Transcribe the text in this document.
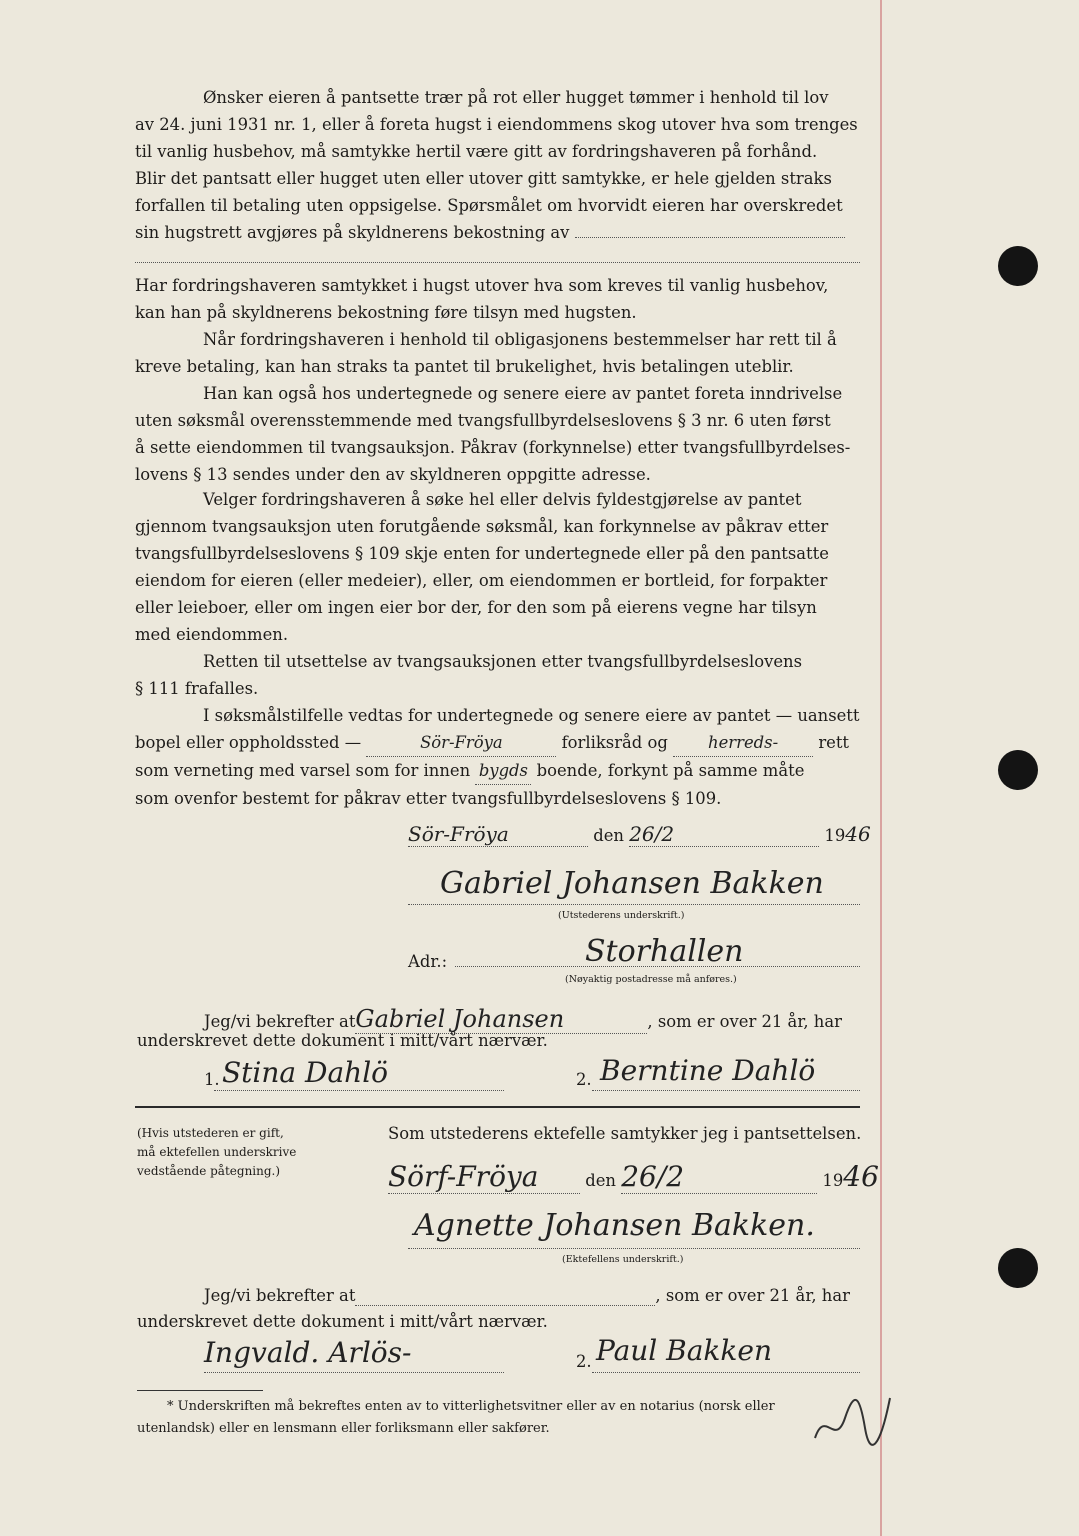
Ønsker eieren å pantsette trær på rot eller hugget tømmer i henhold til lov
av 24. juni 1931 nr. 1, eller å foreta hugst i eiendommens skog utover hva som trenges
til vanlig husbehov, må samtykke hertil være gitt av fordringshaveren på forhånd.
Blir det pantsatt eller hugget uten eller utover gitt samtykke, er hele gjelden straks
forfallen til betaling uten oppsigelse. Spørsmålet om hvorvidt eieren har overskredet
sin hugstrett avgjøres på skyldnerens bekostning av
Har fordringshaveren samtykket i hugst utover hva som kreves til vanlig husbehov,
kan han på skyldnerens bekostning føre tilsyn med hugsten.
Når fordringshaveren i henhold til obligasjonens bestemmelser har rett til å
kreve betaling, kan han straks ta pantet til brukelighet, hvis betalingen uteblir.
Han kan også hos undertegnede og senere eiere av pantet foreta inndrivelse
uten søksmål overensstemmende med tvangsfullbyrdelseslovens § 3 nr. 6 uten først
å sette eiendommen til tvangsauksjon. Påkrav (forkynnelse) etter tvangsfullbyrdelses-
lovens § 13 sendes under den av skyldneren oppgitte adresse.
Velger fordringshaveren å søke hel eller delvis fyldestgjørelse av pantet
gjennom tvangsauksjon uten forutgående søksmål, kan forkynnelse av påkrav etter
tvangsfullbyrdelseslovens § 109 skje enten for undertegnede eller på den pantsatte
eiendom for eieren (eller medeier), eller, om eiendommen er bortleid, for forpakter
eller leieboer, eller om ingen eier bor der, for den som på eierens vegne har tilsyn
med eiendommen.
Retten til utsettelse av tvangsauksjonen etter tvangsfullbyrdelseslovens
§ 111 frafalles.
I søksmålstilfelle vedtas for undertegnede og senere eiere av pantet — uansett
bopel eller oppholdssted —	Sör-Fröya	forliksråd og herreds- rett
som verneting med varsel som for innen bygds boende, forkynt på samme måte
som ovenfor bestemt for påkrav etter tvangsfullbyrdelseslovens § 109.
Sör-Fröya	den 26/2	1946
Gabriel Johansen Bakken
(Utstederens underskrift.)
Adr.:	Storhallen
(Nøyaktig postadresse må anføres.)
Jeg/vi bekrefter atGabriel Johansen	, som er over 21 år, har
underskrevet dette dokument i mitt/vårt nærvær.
1. Stina Dahlö	2. Berntine Dahlö
(Hvis utstederen er gift,
må ektefellen underskrive
vedstående påtegning.)
Som utstederens ektefelle samtykker jeg i pantsettelsen.
Sörf-Fröya	den 26/2	1946
Agnette Johansen Bakken.
(Ektefellens underskrift.)
Jeg/vi bekrefter at	, som er over 21 år, har
underskrevet dette dokument i mitt/vårt nærvær.
Ingvald. Arlös-	2. Paul Bakken
* Underskriften må bekreftes enten av to vitterlighetsvitner eller av en notarius (norsk eller
utenlandsk) eller en lensmann eller forliksmann eller sakfører.
